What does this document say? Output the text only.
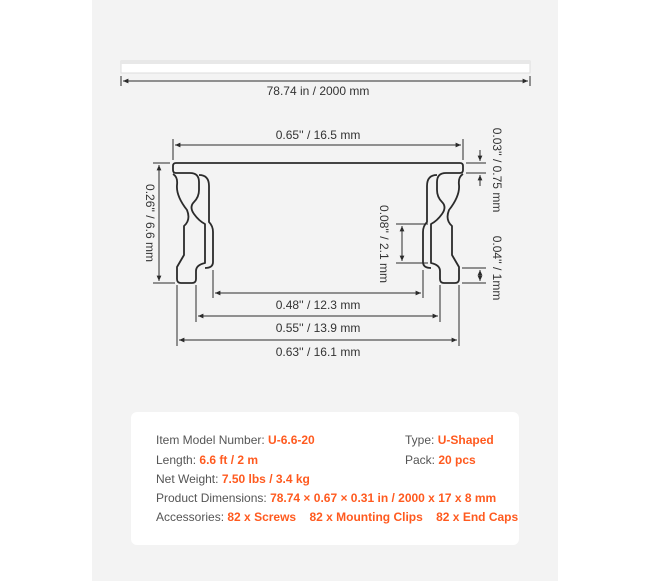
78.74 in / 2000 mm
0.65'' / 16.5 mm
0.26'' / 6.6 mm
0.03'' / 0.75 mm
0.08'' / 2.1 mm	0.04'' / 1mm
0.48'' / 12.3 mm
0.55'' / 13.9 mm
0.63'' / 16.1 mm
Item Model Number: U-6.6-20	Type: U-Shaped
Length: 6.6 ft / 2 m	Pack: 20 pcs
Net Weight: 7.50 lbs / 3.4 kg
Product Dimensions: 78.74 × 0.67 × 0.31 in / 2000 x 17 x 8 mm
Accessories: 82 x Screws 82 x Mounting Clips 82 x End Caps
